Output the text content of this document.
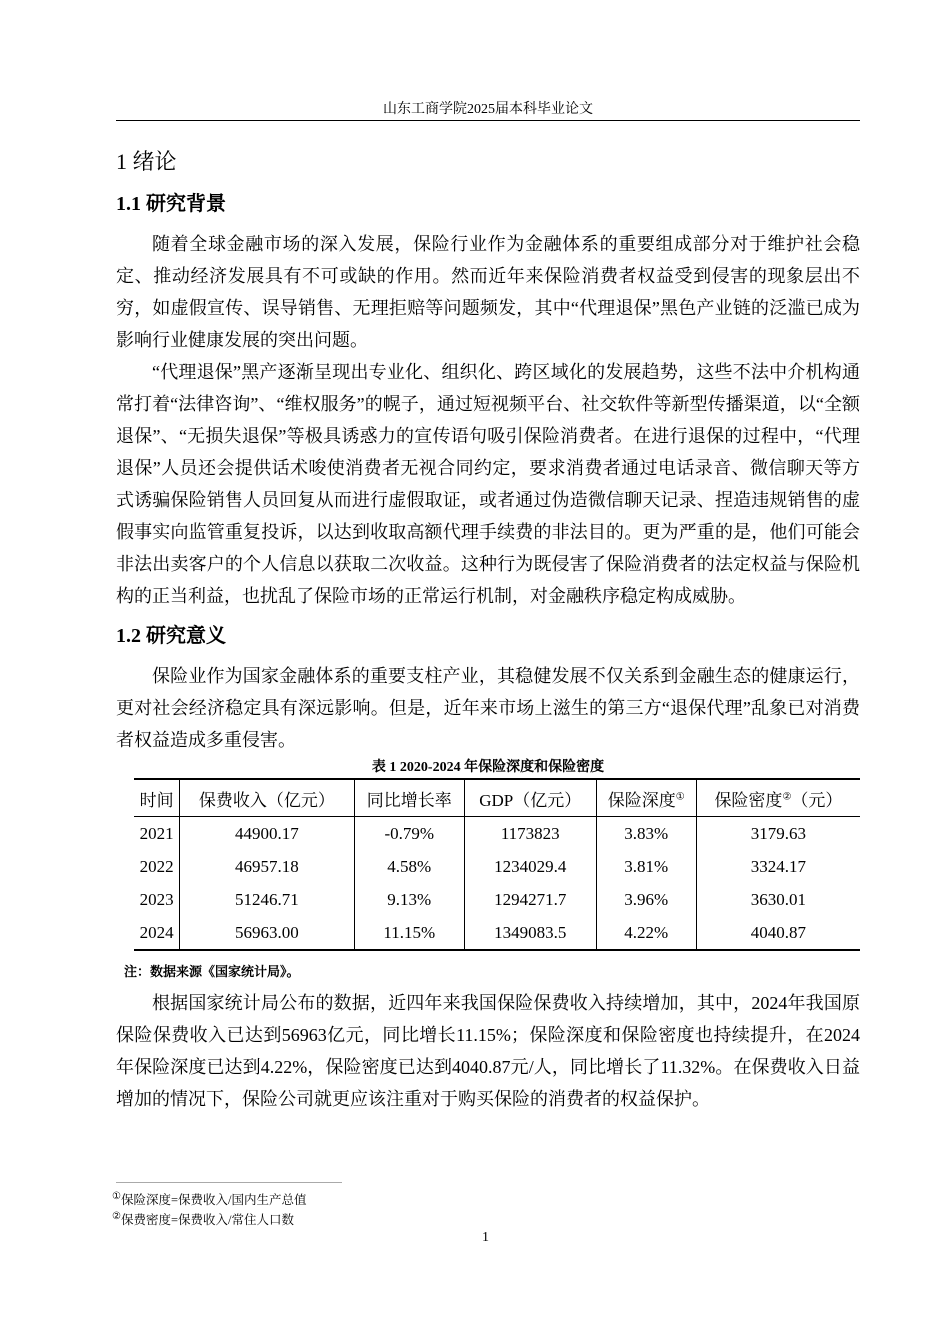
山东工商学院2025届本科毕业论文
1 绪论
1.1 研究背景

随着全球金融市场的深入发展，保险行业作为金融体系的重要组成部分对于维护社会稳定、推动经济发展具有不可或缺的作用。然而近年来保险消费者权益受到侵害的现象层出不穷，如虚假宣传、误导销售、无理拒赔等问题频发，其中“代理退保”黑色产业链的泛滥已成为影响行业健康发展的突出问题。

“代理退保”黑产逐渐呈现出专业化、组织化、跨区域化的发展趋势，这些不法中介机构通常打着“法律咨询”、“维权服务”的幌子，通过短视频平台、社交软件等新型传播渠道，以“全额退保”、“无损失退保”等极具诱惑力的宣传语句吸引保险消费者。在进行退保的过程中，“代理退保”人员还会提供话术唆使消费者无视合同约定，要求消费者通过电话录音、微信聊天等方式诱骗保险销售人员回复从而进行虚假取证，或者通过伪造微信聊天记录、捏造违规销售的虚假事实向监管重复投诉，以达到收取高额代理手续费的非法目的。更为严重的是，他们可能会非法出卖客户的个人信息以获取二次收益。这种行为既侵害了保险消费者的法定权益与保险机构的正当利益，也扰乱了保险市场的正常运行机制，对金融秩序稳定构成威胁。

1.2 研究意义

保险业作为国家金融体系的重要支柱产业，其稳健发展不仅关系到金融生态的健康运行，更对社会经济稳定具有深远影响。但是，近年来市场上滋生的第三方“退保代理”乱象已对消费者权益造成多重侵害。

表 1 2020-2024 年保险深度和保险密度
时间	保费收入（亿元）	同比增长率	GDP（亿元）	保险深度①	保险密度②（元）
2021	44900.17	-0.79%	1173823	3.83%	3179.63
2022	46957.18	4.58%	1234029.4	3.81%	3324.17
2023	51246.71	9.13%	1294271.7	3.96%	3630.01
2024	56963.00	11.15%	1349083.5	4.22%	4040.87
注：数据来源《国家统计局》。

根据国家统计局公布的数据，近四年来我国保险保费收入持续增加，其中，2024年我国原保险保费收入已达到56963亿元，同比增长11.15%；保险深度和保险密度也持续提升，在2024年保险深度已达到4.22%，保险密度已达到4040.87元/人，同比增长了11.32%。在保费收入日益增加的情况下，保险公司就更应该注重对于购买保险的消费者的权益保护。

①保险深度=保费收入/国内生产总值
②保费密度=保费收入/常住人口数
1
